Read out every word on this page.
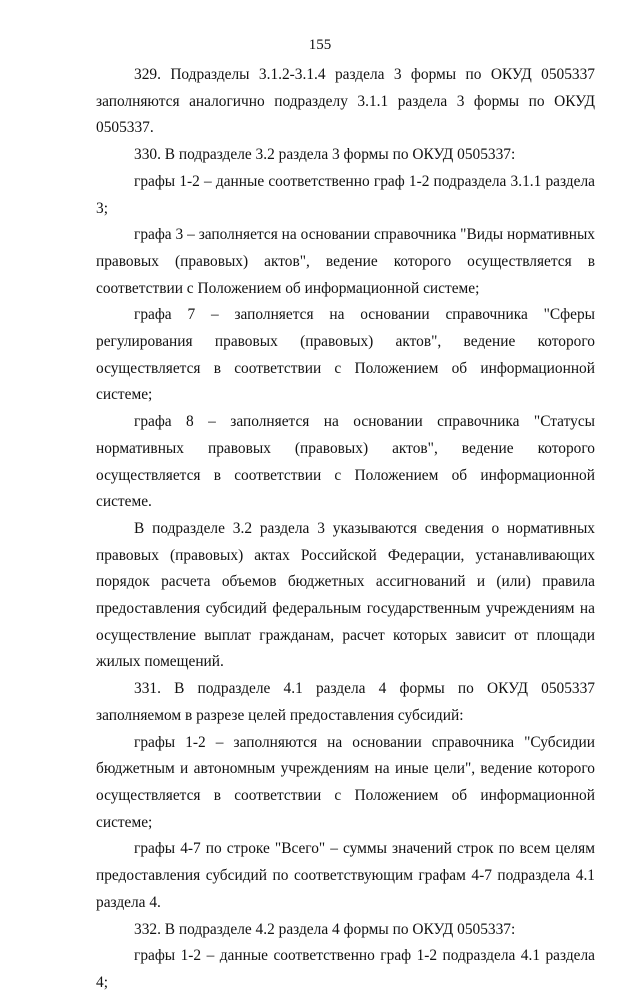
155

329. Подразделы 3.1.2-3.1.4 раздела 3 формы по ОКУД 0505337 заполняются аналогично подразделу 3.1.1 раздела 3 формы по ОКУД 0505337.

330. В подразделе 3.2 раздела 3 формы по ОКУД 0505337:

графы 1-2 – данные соответственно граф 1-2 подраздела 3.1.1 раздела 3;

графа 3 – заполняется на основании справочника "Виды нормативных правовых (правовых) актов", ведение которого осуществляется в соответствии с Положением об информационной системе;

графа 7 – заполняется на основании справочника "Сферы регулирования правовых (правовых) актов", ведение которого осуществляется в соответствии с Положением об информационной системе;

графа 8 – заполняется на основании справочника "Статусы нормативных правовых (правовых) актов", ведение которого осуществляется в соответствии с Положением об информационной системе.

В подразделе 3.2 раздела 3 указываются сведения о нормативных правовых (правовых) актах Российской Федерации, устанавливающих порядок расчета объемов бюджетных ассигнований и (или) правила предоставления субсидий федеральным государственным учреждениям на осуществление выплат гражданам, расчет которых зависит от площади жилых помещений.

331. В подразделе 4.1 раздела 4 формы по ОКУД 0505337 заполняемом в разрезе целей предоставления субсидий:

графы 1-2 – заполняются на основании справочника "Субсидии бюджетным и автономным учреждениям на иные цели", ведение которого осуществляется в соответствии с Положением об информационной системе;

графы 4-7 по строке "Всего" – суммы значений строк по всем целям предоставления субсидий по соответствующим графам 4-7 подраздела 4.1 раздела 4.

332. В подразделе 4.2 раздела 4 формы по ОКУД 0505337:

графы 1-2 – данные соответственно граф 1-2 подраздела 4.1 раздела 4;
